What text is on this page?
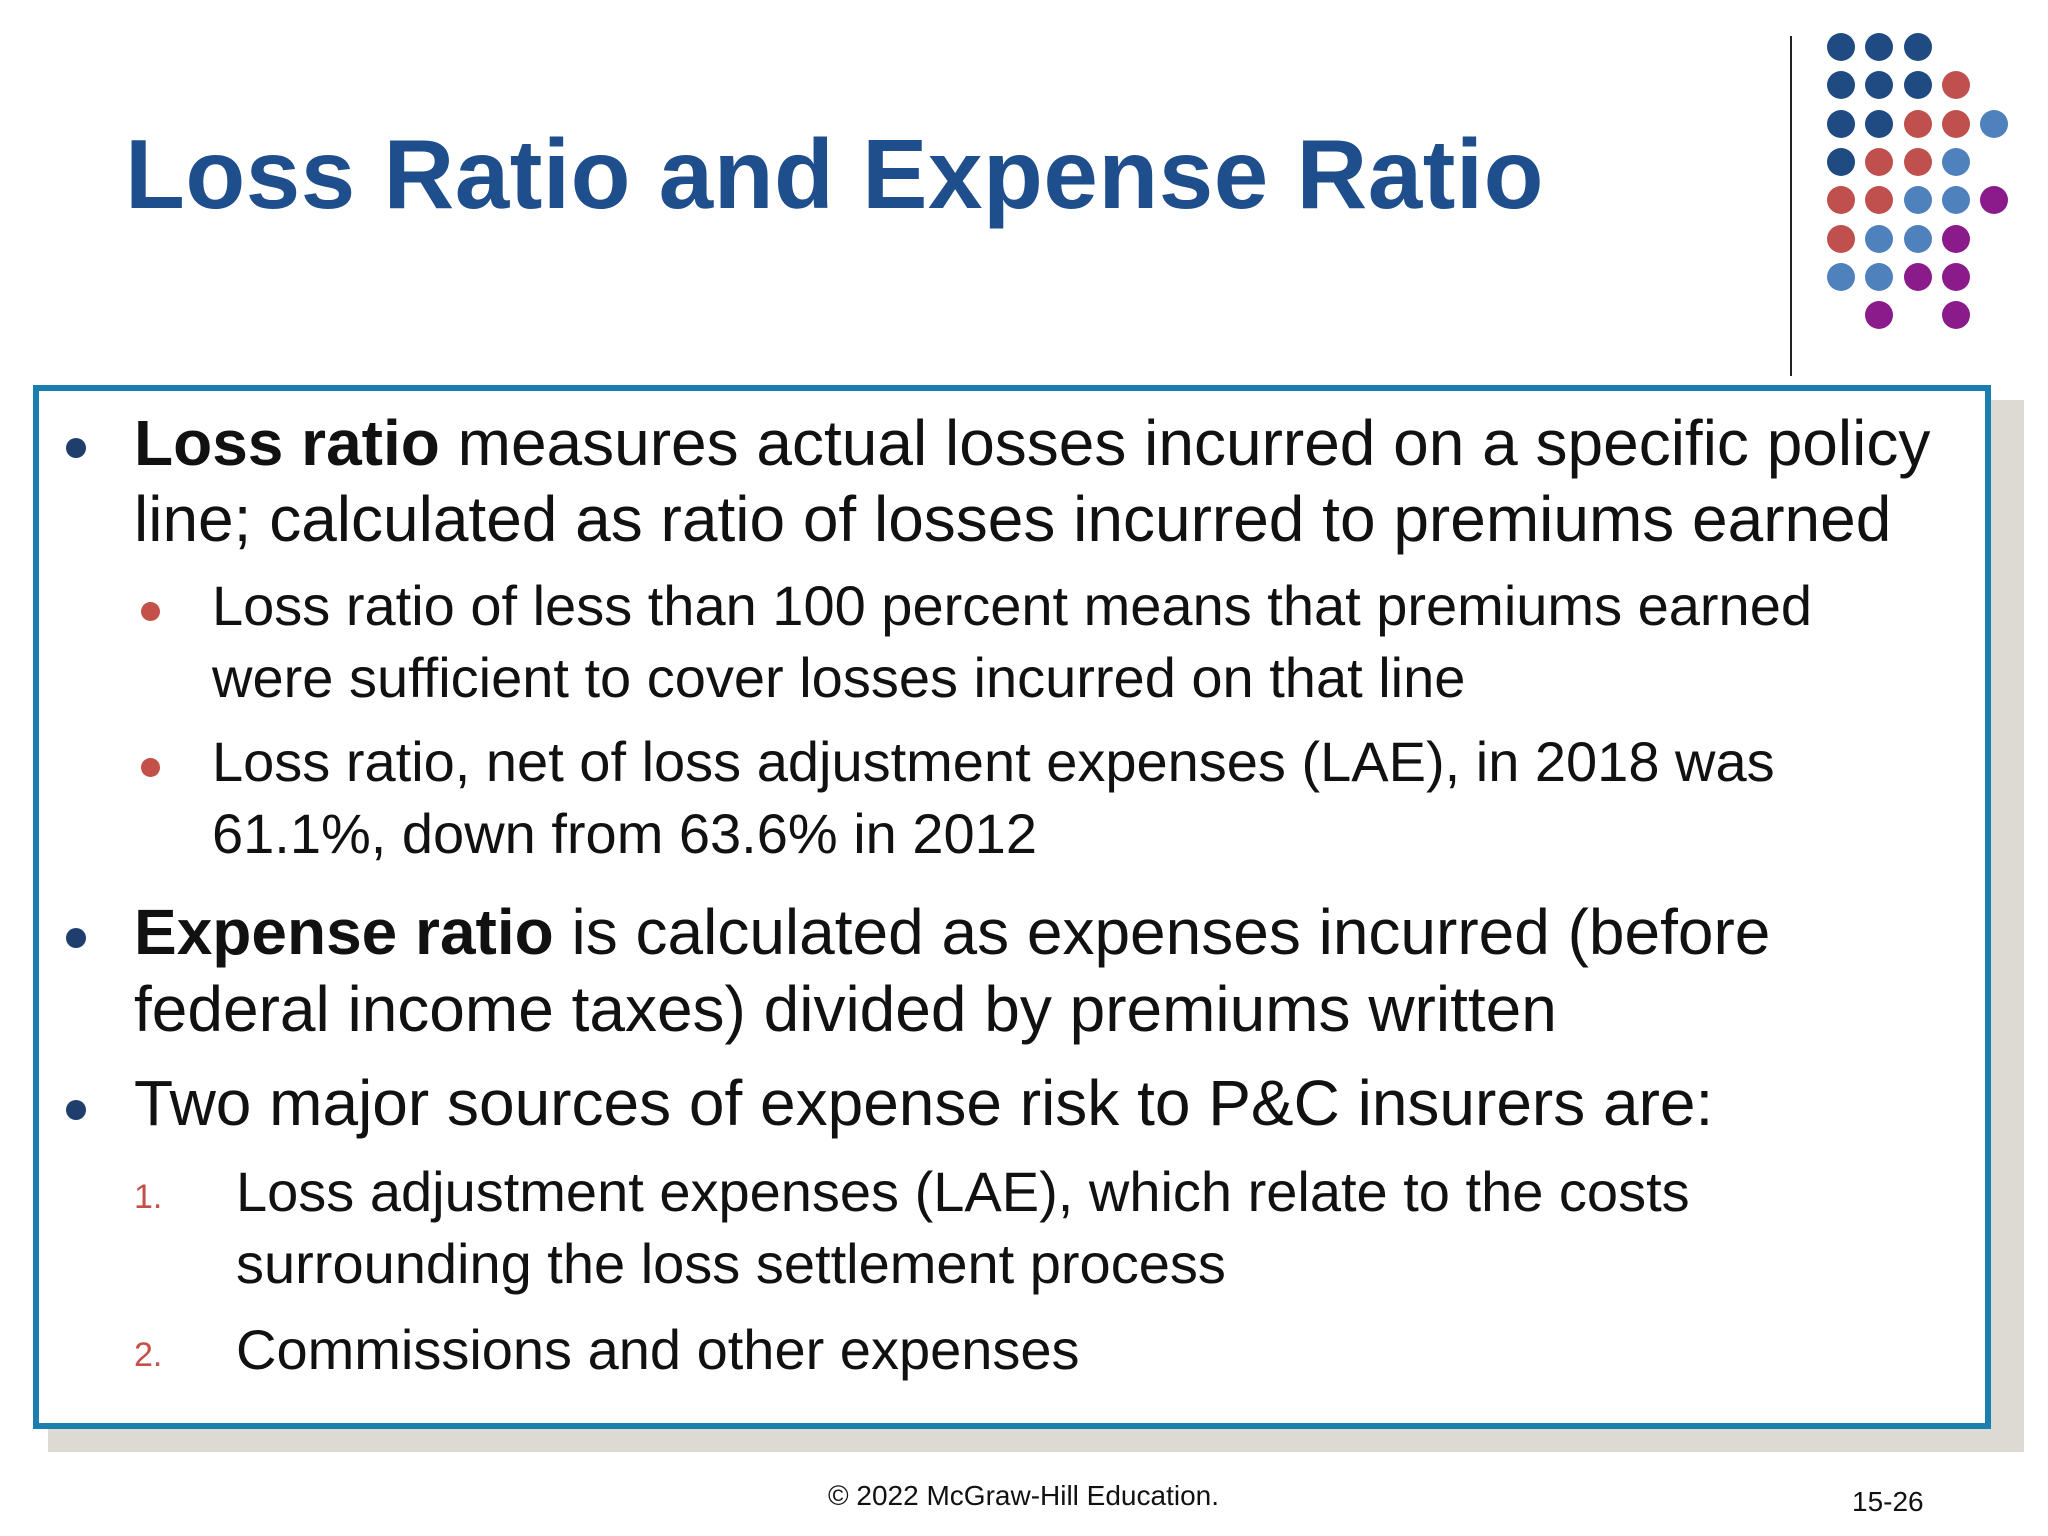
Loss Ratio and Expense Ratio
Loss ratio measures actual losses incurred on a specific policy
line; calculated as ratio of losses incurred to premiums earned
Loss ratio of less than 100 percent means that premiums earned
were sufficient to cover losses incurred on that line
Loss ratio, net of loss adjustment expenses (LAE), in 2018 was
61.1%, down from 63.6% in 2012
Expense ratio is calculated as expenses incurred (before
federal income taxes) divided by premiums written
Two major sources of expense risk to P&C insurers are:
1. Loss adjustment expenses (LAE), which relate to the costs
surrounding the loss settlement process
2. Commissions and other expenses
© 2022 McGraw-Hill Education.	15-26
